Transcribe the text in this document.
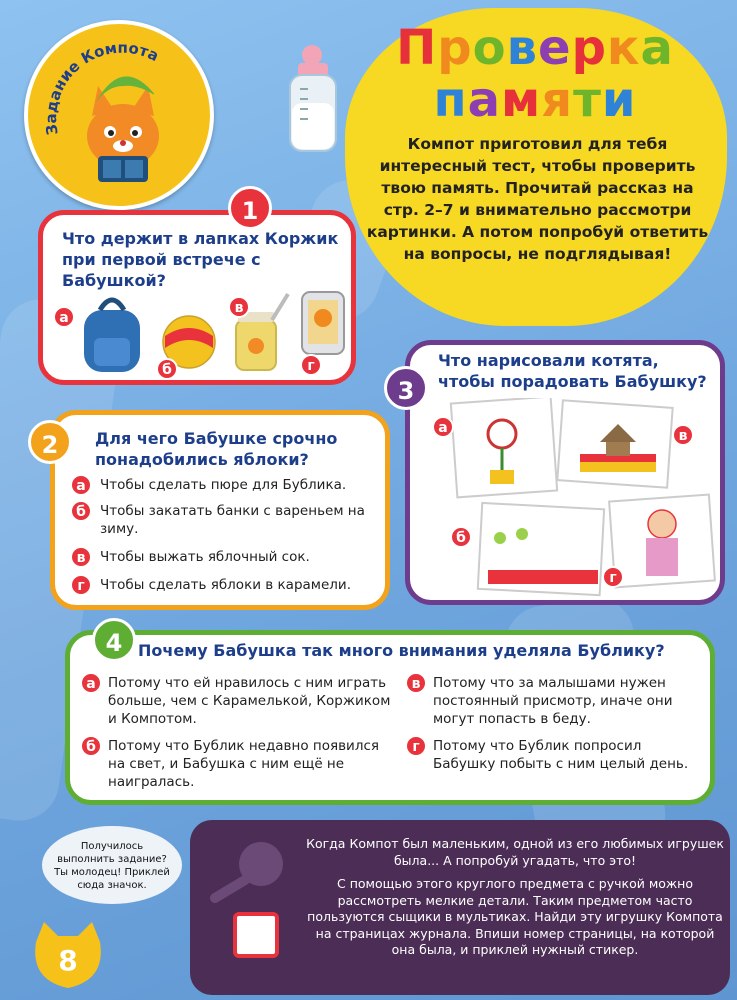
Задание Компота	Проверка
памяти
Компот приготовил для тебя интересный тест, чтобы проверить твою память. Прочитай рассказ на стр. 2–7 и внимательно рассмотри картинки. А потом попробуй ответить на вопросы, не подглядывая!
1
Что держит в лапках Коржик при первой встрече с Бабушкой?
а
б
в
г
2	Для чего Бабушке срочно понадобились яблоки?
а	Чтобы сделать пюре для Бублика.
б	Чтобы закатать банки с вареньем на зиму.
в	Чтобы выжать яблочный сок.
г	Чтобы сделать яблоки в карамели.
3
Что нарисовали котята, чтобы порадовать Бабушку?
а	в
б
г
4 Почему Бабушка так много внимания уделяла Бублику?
а Потому что ей нравилось с ним играть больше, чем с Карамелькой, Коржиком и Компотом.
б Потому что Бублик недавно появился на свет, и Бабушка с ним ещё не наигралась.
в Потому что за малышами нужен постоянный присмотр, иначе они могут попасть в беду.
г Потому что Бублик попросил Бабушку побыть с ним целый день.
Получилось выполнить задание? Ты молодец! Приклей сюда значок.
8
Когда Компот был маленьким, одной из его любимых игрушек была... А попробуй угадать, что это!
С помощью этого круглого предмета с ручкой можно рассмотреть мелкие детали. Таким предметом часто пользуются сыщики в мультиках. Найди эту игрушку Компота на страницах журнала. Впиши номер страницы, на которой она была, и приклей нужный стикер.
